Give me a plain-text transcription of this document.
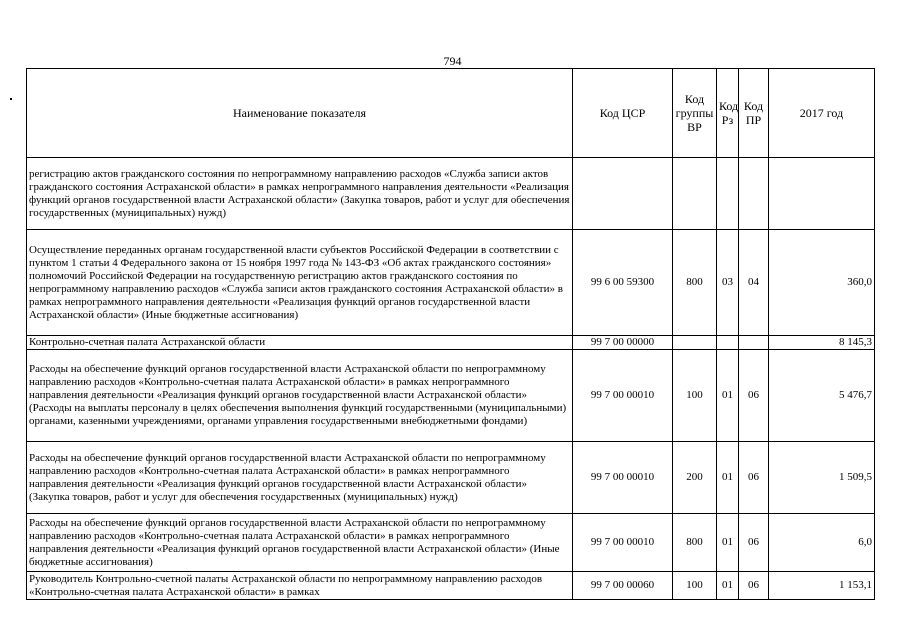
794
Наименование показателя	Код ЦСР	Код группы ВР	Код Рз	Код ПР	2017 год
регистрацию актов гражданского состояния по непрограммному направлению расходов «Служба записи актов гражданского состояния Астраханской области» в рамках непрограммного направления деятельности «Реализация функций органов государственной власти Астраханской области» (Закупка товаров, работ и услуг для обеспечения государственных (муниципальных) нужд)					
Осуществление переданных органам государственной власти субъектов Российской Федерации в соответствии с пунктом 1 статьи 4 Федерального закона от 15 ноября 1997 года № 143-ФЗ «Об актах гражданского состояния» полномочий Российской Федерации на государственную регистрацию актов гражданского состояния по непрограммному направлению расходов «Служба записи актов гражданского состояния Астраханской области» в рамках непрограммного направления деятельности «Реализация функций органов государственной власти Астраханской области» (Иные бюджетные ассигнования)	99 6 00 59300	800	03	04	360,0
Контрольно-счетная палата Астраханской области	99 7 00 00000				8 145,3
Расходы на обеспечение функций органов государственной власти Астраханской области по непрограммному направлению расходов «Контрольно-счетная палата Астраханской области» в рамках непрограммного направления деятельности «Реализация функций органов государственной власти Астраханской области» (Расходы на выплаты персоналу в целях обеспечения выполнения функций государственными (муниципальными) органами, казенными учреждениями, органами управления государственными внебюджетными фондами)	99 7 00 00010	100	01	06	5 476,7
Расходы на обеспечение функций органов государственной власти Астраханской области по непрограммному направлению расходов «Контрольно-счетная палата Астраханской области» в рамках непрограммного направления деятельности «Реализация функций органов государственной власти Астраханской области» (Закупка товаров, работ и услуг для обеспечения государственных (муниципальных) нужд)	99 7 00 00010	200	01	06	1 509,5
Расходы на обеспечение функций органов государственной власти Астраханской области по непрограммному направлению расходов «Контрольно-счетная палата Астраханской области» в рамках непрограммного направления деятельности «Реализация функций органов государственной власти Астраханской области» (Иные бюджетные ассигнования)	99 7 00 00010	800	01	06	6,0
Руководитель Контрольно-счетной палаты Астраханской области по непрограммному направлению расходов «Контрольно-счетная палата Астраханской области» в рамках	99 7 00 00060	100	01	06	1 153,1
